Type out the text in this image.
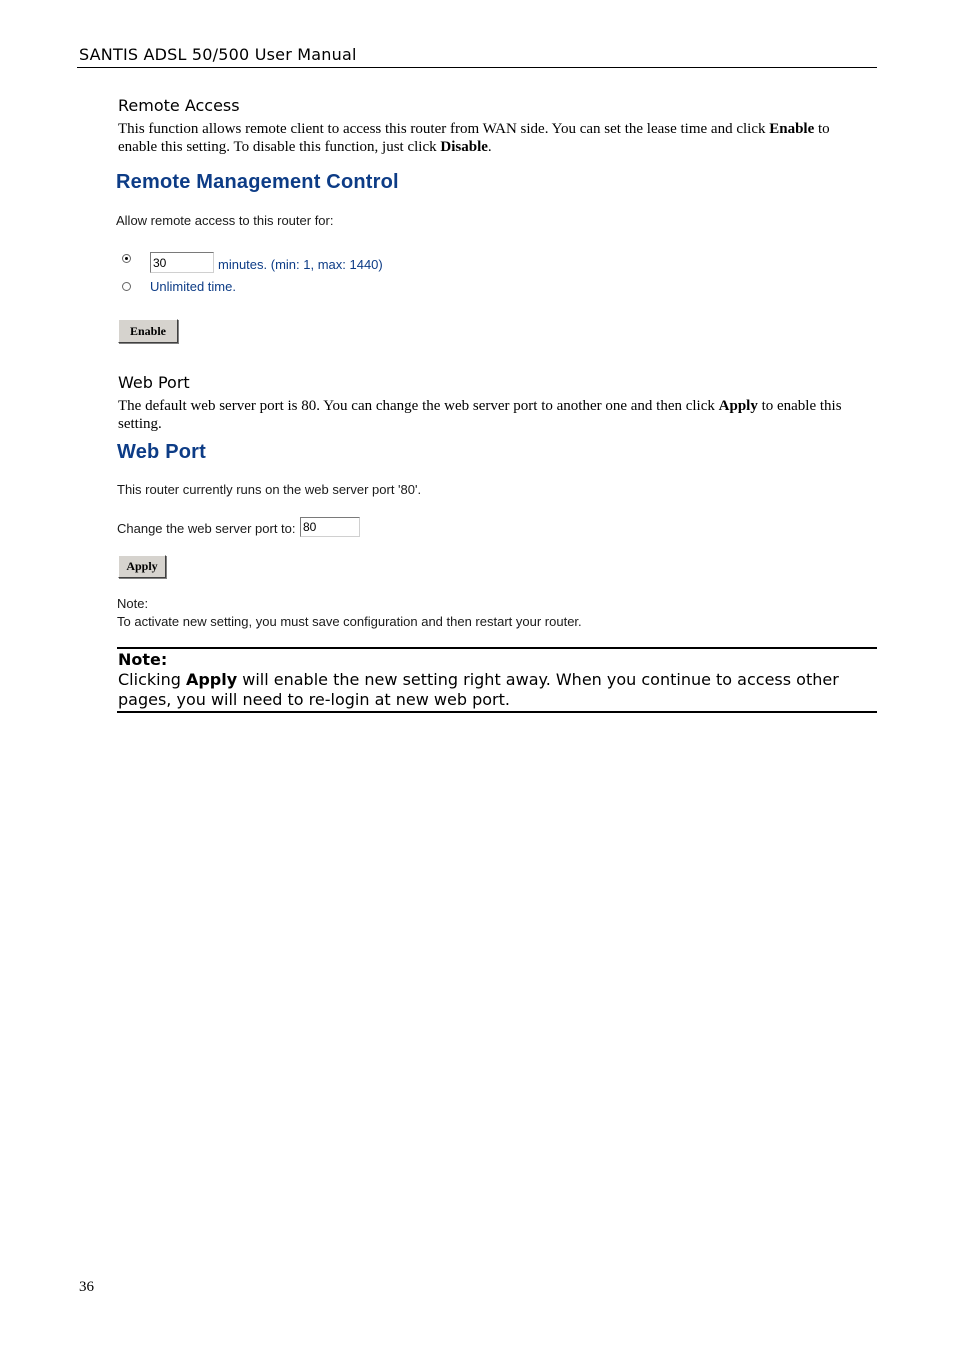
SANTIS ADSL 50/500 User Manual
Remote Access
This function allows remote client to access this router from WAN side. You can set the lease time and click Enable to enable this setting. To disable this function, just click Disable.
Remote Management Control
Allow remote access to this router for:
30
minutes. (min: 1, max: 1440)
Unlimited time.
Enable
Web Port
The default web server port is 80. You can change the web server port to another one and then click Apply to enable this setting.
Web Port
This router currently runs on the web server port '80'.
Change the web server port to:
80
Apply
Note:
To activate new setting, you must save configuration and then restart your router.
Note:
Clicking Apply will enable the new setting right away. When you continue to access other pages, you will need to re-login at new web port.
36
